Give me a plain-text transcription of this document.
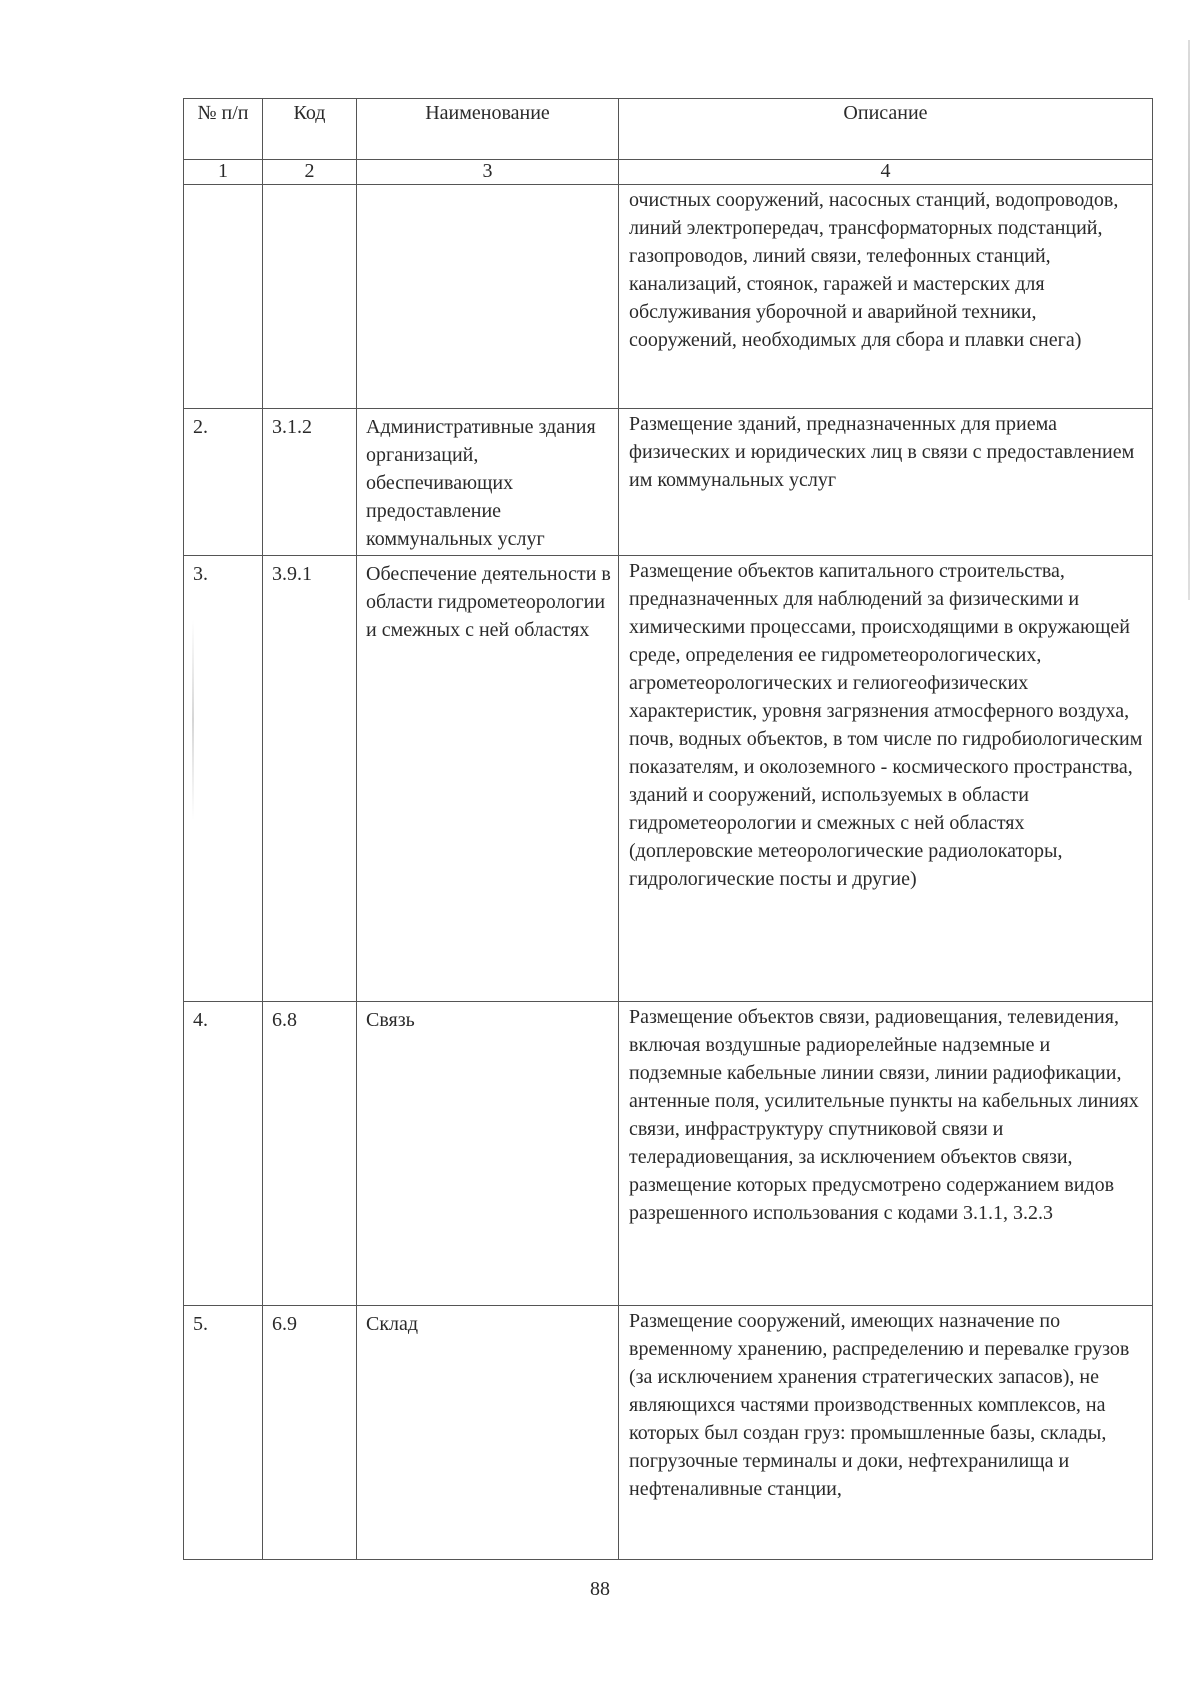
№ п/п	Код	Наименование	Описание
1	2	3	4
			очистных сооружений, насосных станций, водопроводов, линий электропередач, трансформаторных подстанций, газопроводов, линий связи, телефонных станций, канализаций, стоянок, гаражей и мастерских для обслуживания уборочной и аварийной техники, сооружений, необходимых для сбора и плавки снега)
2.	3.1.2	Административные здания организаций, обеспечивающих предоставление коммунальных услуг	Размещение зданий, предназначенных для приема физических и юридических лиц в связи с предоставлением им коммунальных услуг
3.	3.9.1	Обеспечение деятельности в области гидрометеорологии и смежных с ней областях	Размещение объектов капитального строительства, предназначенных для наблюдений за физическими и химическими процессами, происходящими в окружающей среде, определения ее гидрометеорологических, агрометеорологических и гелиогеофизических характеристик, уровня загрязнения атмосферного воздуха, почв, водных объектов, в том числе по гидробиологическим показателям, и околоземного - космического пространства, зданий и сооружений, используемых в области гидрометеорологии и смежных с ней областях (доплеровские метеорологические радиолокаторы, гидрологические посты и другие)
4.	6.8	Связь	Размещение объектов связи, радиовещания, телевидения, включая воздушные радиорелейные надземные и подземные кабельные линии связи, линии радиофикации, антенные поля, усилительные пункты на кабельных линиях связи, инфраструктуру спутниковой связи и телерадиовещания, за исключением объектов связи, размещение которых предусмотрено содержанием видов разрешенного использования с кодами 3.1.1, 3.2.3
5.	6.9	Склад	Размещение сооружений, имеющих назначение по временному хранению, распределению и перевалке грузов (за исключением хранения стратегических запасов), не являющихся частями производственных комплексов, на которых был создан груз: промышленные базы, склады, погрузочные терминалы и доки, нефтехранилища и нефтеналивные станции,
88
